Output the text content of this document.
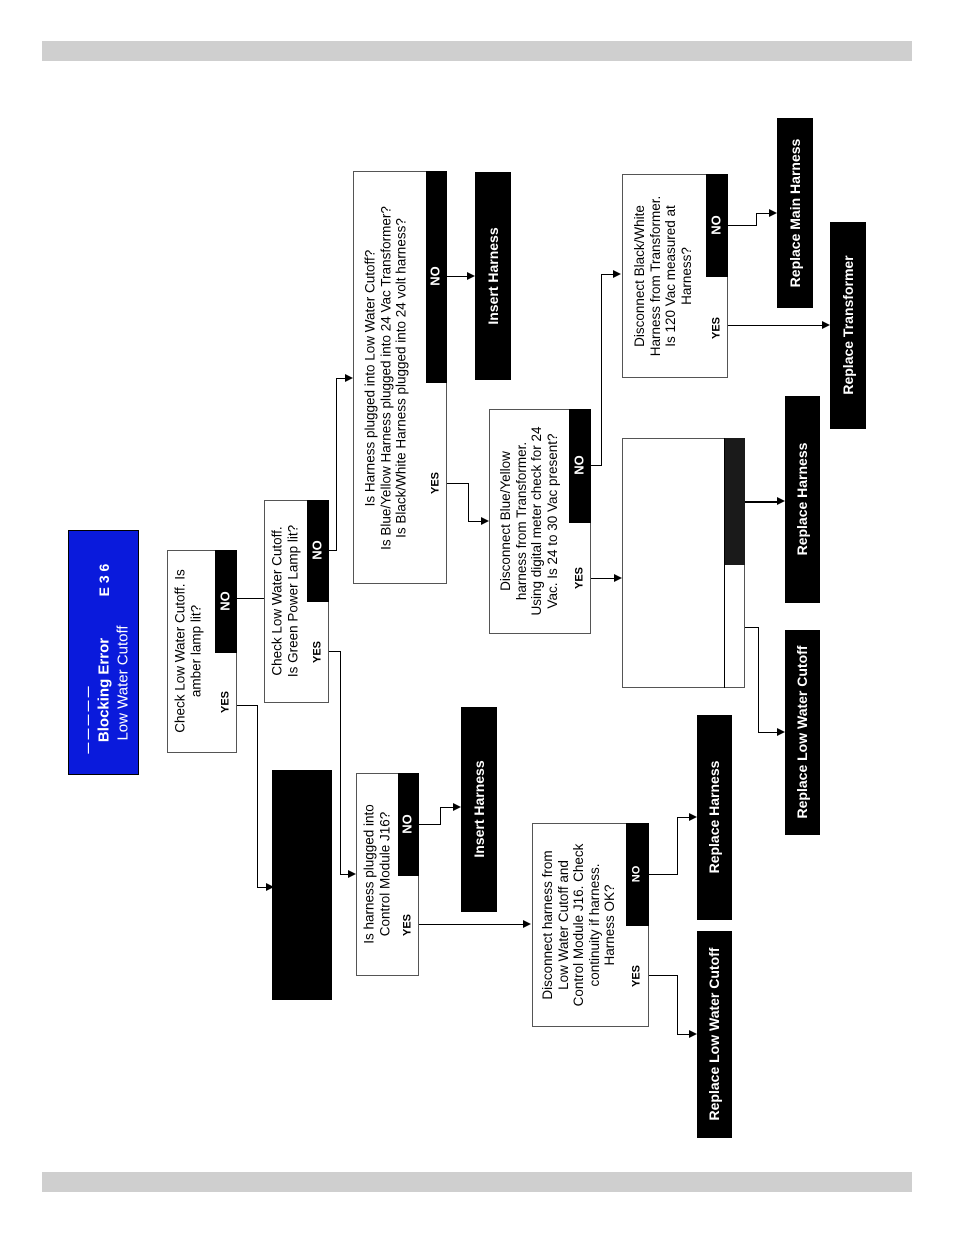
— — — — — Blocking Error
E 3 6
Low Water Cutoff	Check Low Water Cutoff. Is
amber lamp lit?
YES
NO	Check Low Water Cutoff.
Is Green Power Lamp lit? YES
NO
Is harness plugged into
Control Module J16? YES
NO	Insert Harness
Is Harness plugged into Low Water Cutoff?
Is Blue/Yellow Harness plugged into 24 Vac Transformer?
Is Black/White Harness plugged into 24 volt harness? YES
NO	Insert Harness
Disconnect harness from
Low Water Cutoff and
Control Module J16. Check
continuity if harness.
Harness OK?
YES
NO
Replace Low Water Cutoff
Replace Harness
Disconnect Blue/Yellow
harness from Transformer.
Using digital meter check for 24
Vac. Is 24 to 30 Vac present? YES
NO	Replace Harness
Replace Low Water Cutoff
Disconnect Black/White
Harness from Transformer.
Is 120 Vac measured at
Harness?
YES
NO	Replace Main Harness
Replace Transformer
